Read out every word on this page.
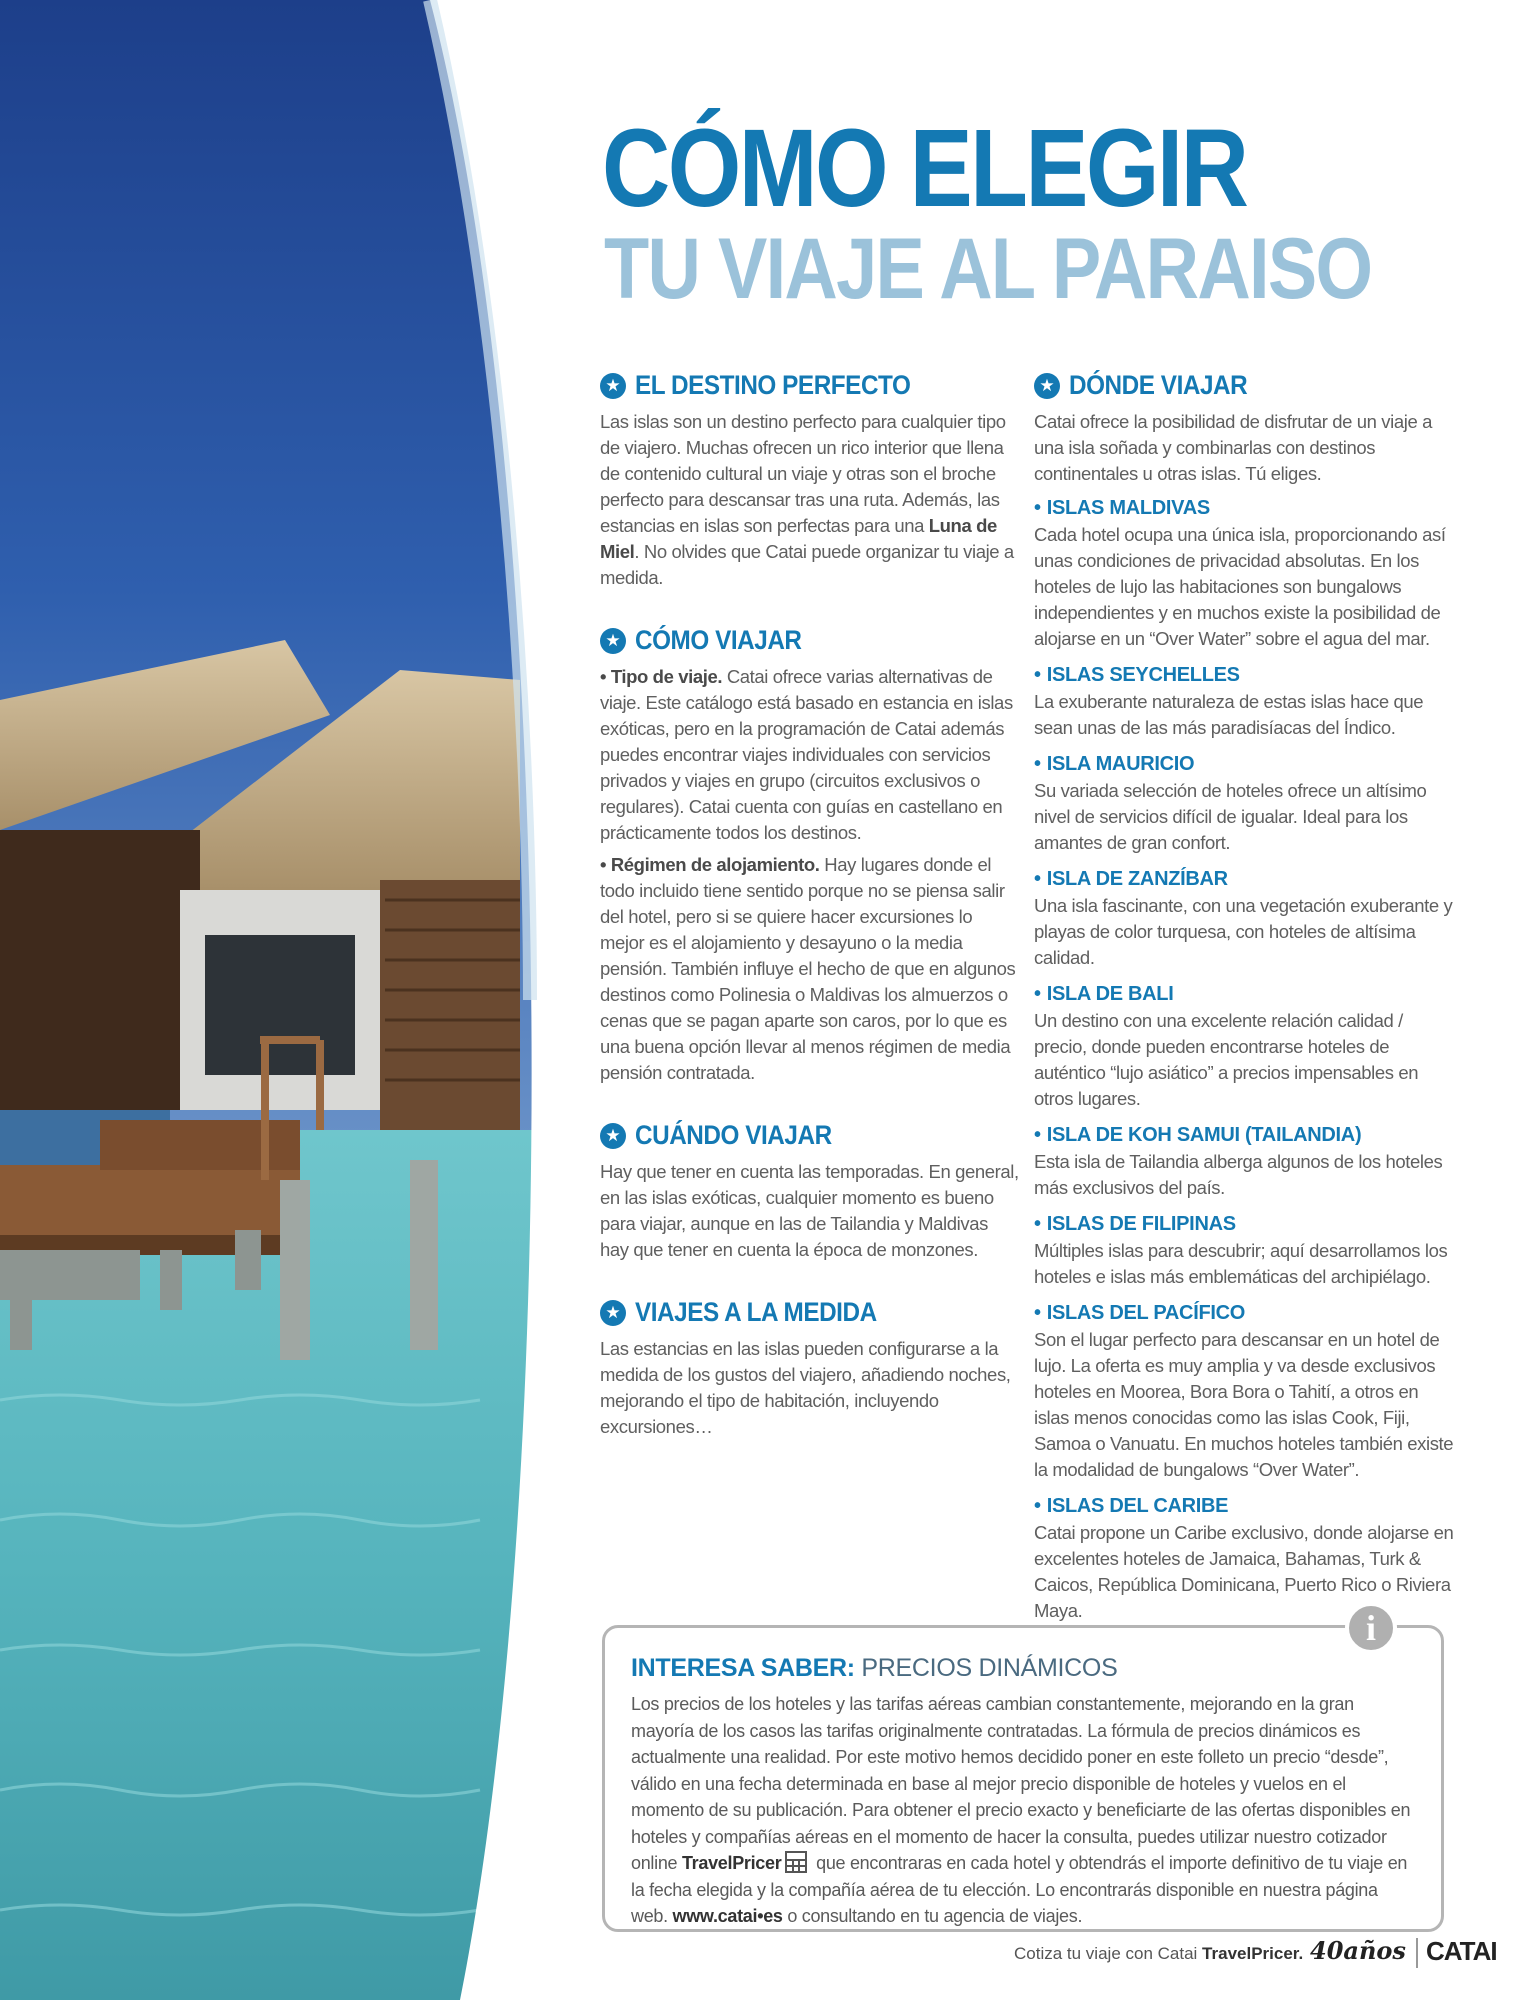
CÓMO ELEGIR
TU VIAJE AL PARAISO
★ EL DESTINO PERFECTO

Las islas son un destino perfecto para cualquier tipo de viajero. Muchas ofrecen un rico interior que llena de contenido cultural un viaje y otras son el broche perfecto para descansar tras una ruta. Además, las estancias en islas son perfectas para una Luna de Miel. No olvides que Catai puede organizar tu viaje a medida.

★ CÓMO VIAJAR

• Tipo de viaje. Catai ofrece varias alternativas de viaje. Este catálogo está basado en estancia en islas exóticas, pero en la programación de Catai además puedes encontrar viajes individuales con servicios privados y viajes en grupo (circuitos exclusivos o regulares). Catai cuenta con guías en castellano en prácticamente todos los destinos.

• Régimen de alojamiento. Hay lugares donde el todo incluido tiene sentido porque no se piensa salir del hotel, pero si se quiere hacer excursiones lo mejor es el alojamiento y desayuno o la media pensión. También influye el hecho de que en algunos destinos como Polinesia o Maldivas los almuerzos o cenas que se pagan aparte son caros, por lo que es una buena opción llevar al menos régimen de media pensión contratada.

★ CUÁNDO VIAJAR

Hay que tener en cuenta las temporadas. En general, en las islas exóticas, cualquier momento es bueno para viajar, aunque en las de Tailandia y Maldivas hay que tener en cuenta la época de monzones.

★ VIAJES A LA MEDIDA

Las estancias en las islas pueden configurarse a la medida de los gustos del viajero, añadiendo noches, mejorando el tipo de habitación, incluyendo excursiones…

★ DÓNDE VIAJAR

Catai ofrece la posibilidad de disfrutar de un viaje a una isla soñada y combinarlas con destinos continentales u otras islas. Tú eliges.

• ISLAS MALDIVAS

Cada hotel ocupa una única isla, proporcionando así unas condiciones de privacidad absolutas. En los hoteles de lujo las habitaciones son bungalows independientes y en muchos existe la posibilidad de alojarse en un “Over Water” sobre el agua del mar.

• ISLAS SEYCHELLES

La exuberante naturaleza de estas islas hace que sean unas de las más paradisíacas del Índico.

• ISLA MAURICIO

Su variada selección de hoteles ofrece un altísimo nivel de servicios difícil de igualar. Ideal para los amantes de gran confort.

• ISLA DE ZANZÍBAR

Una isla fascinante, con una vegetación exuberante y playas de color turquesa, con hoteles de altísima calidad.

• ISLA DE BALI

Un destino con una excelente relación calidad / precio, donde pueden encontrarse hoteles de auténtico “lujo asiático” a precios impensables en otros lugares.

• ISLA DE KOH SAMUI (TAILANDIA)

Esta isla de Tailandia alberga algunos de los hoteles más exclusivos del país.

• ISLAS DE FILIPINAS

Múltiples islas para descubrir; aquí desarrollamos los hoteles e islas más emblemáticas del archipiélago.

• ISLAS DEL PACÍFICO

Son el lugar perfecto para descansar en un hotel de lujo. La oferta es muy amplia y va desde exclusivos hoteles en Moorea, Bora Bora o Tahití, a otros en islas menos conocidas como las islas Cook, Fiji, Samoa o Vanuatu. En muchos hoteles también existe la modalidad de bungalows “Over Water”.

• ISLAS DEL CARIBE

Catai propone un Caribe exclusivo, donde alojarse en excelentes hoteles de Jamaica, Bahamas, Turk & Caicos, República Dominicana, Puerto Rico o Riviera Maya.	i
INTERESA SABER: PRECIOS DINÁMICOS

Los precios de los hoteles y las tarifas aéreas cambian constantemente, mejorando en la gran mayoría de los casos las tarifas originalmente contratadas. La fórmula de precios dinámicos es actualmente una realidad. Por este motivo hemos decidido poner en este folleto un precio “desde”, válido en una fecha determinada en base al mejor precio disponible de hoteles y vuelos en el momento de su publicación. Para obtener el precio exacto y beneficiarte de las ofertas disponibles en hoteles y compañías aéreas en el momento de hacer la consulta, puedes utilizar nuestro cotizador online TravelPricer que encontraras en cada hotel y obtendrás el importe definitivo de tu viaje en la fecha elegida y la compañía aérea de tu elección. Lo encontrarás disponible en nuestra página web. www.catai•es o consultando en tu agencia de viajes.

Cotiza tu viaje con Catai TravelPricer. 40años CATAI
